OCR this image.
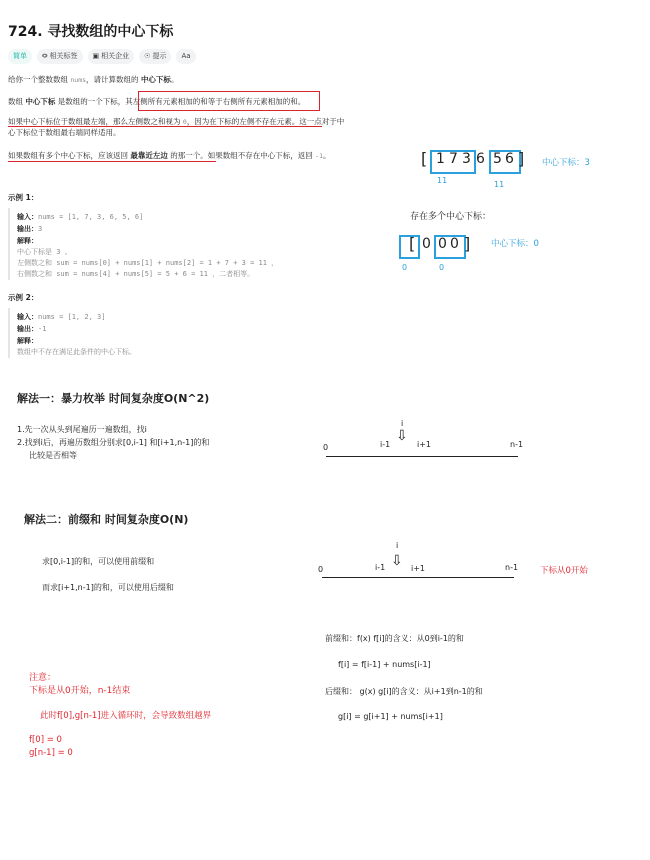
724. 寻找数组的中心下标
简单 ⭖ 相关标签 ▣ 相关企业 ☉ 提示 Aa
给你一个整数数组 nums，请计算数组的 中心下标。
数组 中心下标 是数组的一个下标，其左侧所有元素相加的和等于右侧所有元素相加的和。
如果中心下标位于数组最左端，那么左侧数之和视为 0，因为在下标的左侧不存在元素。这一点对于中
心下标位于数组最右端同样适用。
如果数组有多个中心下标，应该返回 最靠近左边 的那一个。如果数组不存在中心下标，返回 -1。
示例 1：
输入：nums = [1, 7, 3, 6, 5, 6]
输出：3
解释：
中心下标是 3 。
左侧数之和 sum = nums[0] + nums[1] + nums[2] = 1 + 7 + 3 = 11 ，
右侧数之和 sum = nums[4] + nums[5] = 5 + 6 = 11 ，二者相等。
示例 2：
输入：nums = [1, 2, 3]
输出：-1
解释：
数组中不存在满足此条件的中心下标。
[ 1 7 3 6 5 6 ]
11	11
中心下标：3
存在多个中心下标：
[ 0 0 0 ]
0	0
中心下标：0
解法一：暴力枚举 时间复杂度O(N^2)
1.先一次从头到尾遍历一遍数组，找i
2.找到i后，再遍历数组分别求[0,i-1] 和[i+1,n-1]的和
比较是否相等
0
i
⇩
i-1	i+1	n-1
解法二：前缀和 时间复杂度O(N)
求[0,i-1]的和，可以使用前缀和
而求[i+1,n-1]的和，可以使用后缀和
0
i
⇩
i-1	i+1	n-1	下标从0开始
前缀和：f(x) f[i]的含义：从0到i-1的和
f[i] = f[i-1] + nums[i-1]
后缀和： g(x) g[i]的含义：从i+1到n-1的和
g[i] = g[i+1] + nums[i+1]
注意：
下标是从0开始，n-1结束
此时f[0],g[n-1]进入循环时，会导致数组越界
f[0] = 0
g[n-1] = 0
